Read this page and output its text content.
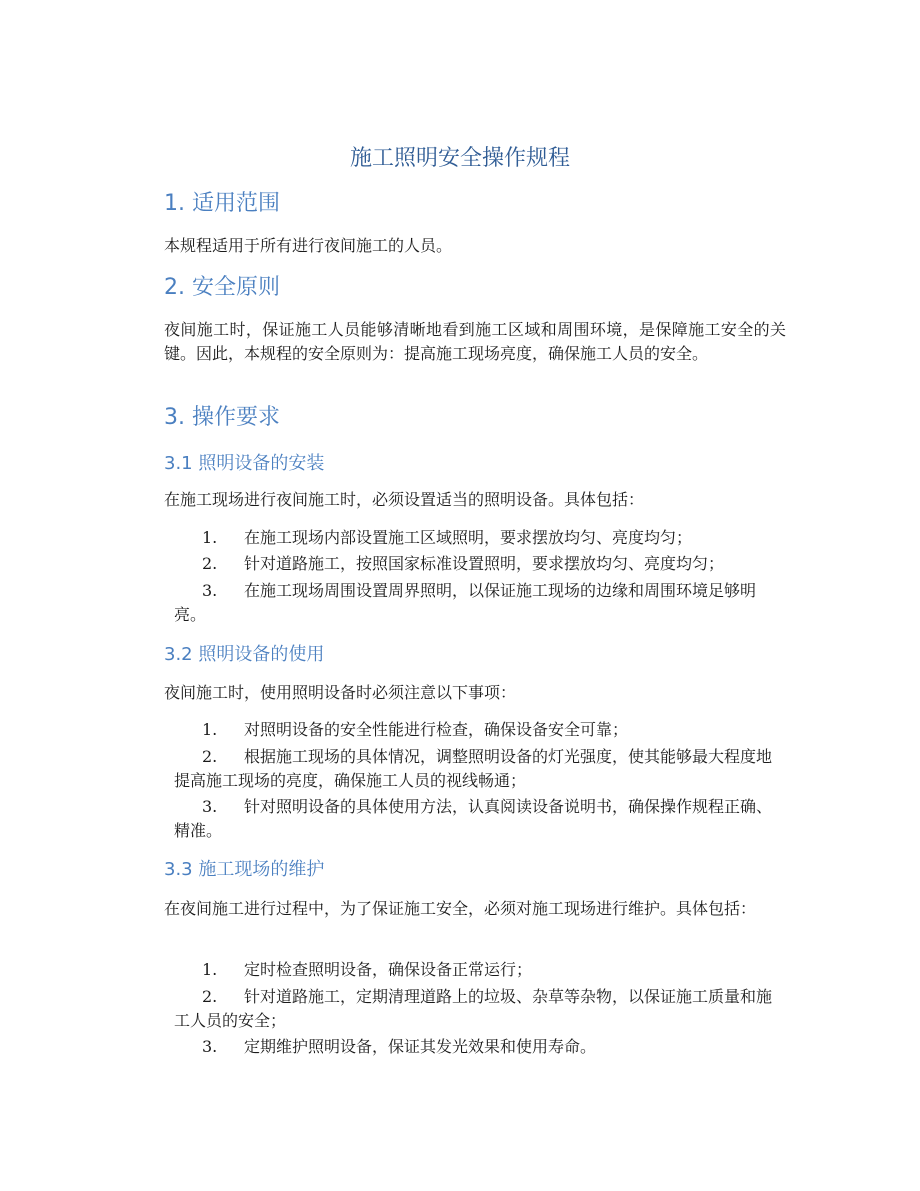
施工照明安全操作规程
1. 适用范围
本规程适用于所有进行夜间施工的人员。
2. 安全原则
夜间施工时，保证施工人员能够清晰地看到施工区域和周围环境，是保障施工安全的关键。因此，本规程的安全原则为：提高施工现场亮度，确保施工人员的安全。
3. 操作要求
3.1 照明设备的安装
在施工现场进行夜间施工时，必须设置适当的照明设备。具体包括：
1.	在施工现场内部设置施工区域照明，要求摆放均匀、亮度均匀；
2.	针对道路施工，按照国家标准设置照明，要求摆放均匀、亮度均匀；
3.	在施工现场周围设置周界照明，以保证施工现场的边缘和周围环境足够明亮。
3.2 照明设备的使用
夜间施工时，使用照明设备时必须注意以下事项：
1.	对照明设备的安全性能进行检查，确保设备安全可靠；
2.	根据施工现场的具体情况，调整照明设备的灯光强度，使其能够最大程度地提高施工现场的亮度，确保施工人员的视线畅通；
3.	针对照明设备的具体使用方法，认真阅读设备说明书，确保操作规程正确、精准。
3.3 施工现场的维护
在夜间施工进行过程中，为了保证施工安全，必须对施工现场进行维护。具体包括：
1.	定时检查照明设备，确保设备正常运行；
2.	针对道路施工，定期清理道路上的垃圾、杂草等杂物，以保证施工质量和施工人员的安全；
3.	定期维护照明设备，保证其发光效果和使用寿命。
